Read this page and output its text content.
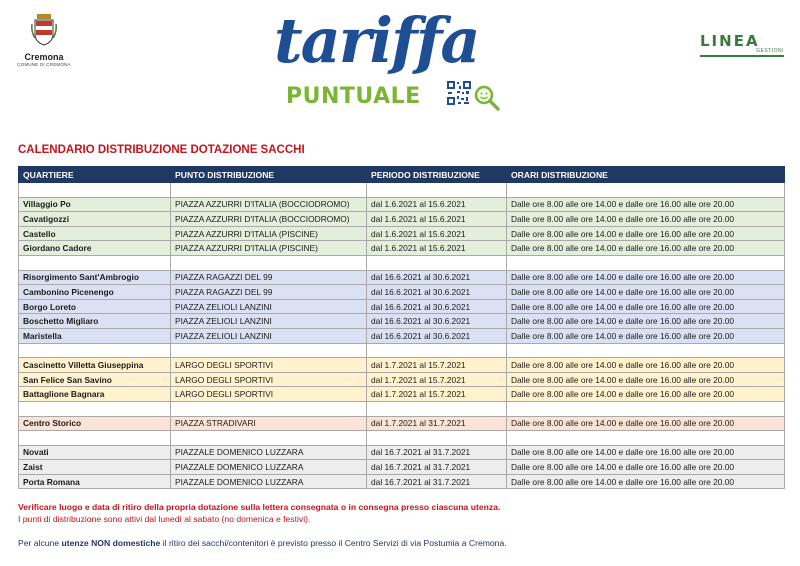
Cremona
COMUNE DI CREMONA	tariffa
PUNTUALE
LINEA
GESTIONI
CALENDARIO DISTRIBUZIONE DOTAZIONE SACCHI
QUARTIERE	PUNTO DISTRIBUZIONE	PERIODO DISTRIBUZIONE	ORARI DISTRIBUZIONE

Villaggio Po	PIAZZA AZZURRI D'ITALIA (BOCCIODROMO)	dal 1.6.2021 al 15.6.2021	Dalle ore 8.00 alle ore 14.00 e dalle ore 16.00 alle ore 20.00
Cavatigozzi	PIAZZA AZZURRI D'ITALIA (BOCCIODROMO)	dal 1.6.2021 al 15.6.2021	Dalle ore 8.00 alle ore 14.00 e dalle ore 16.00 alle ore 20.00
Castello	PIAZZA AZZURRI D'ITALIA (PISCINE)	dal 1.6.2021 al 15.6.2021	Dalle ore 8.00 alle ore 14.00 e dalle ore 16.00 alle ore 20.00
Giordano Cadore	PIAZZA AZZURRI D'ITALIA (PISCINE)	dal 1.6.2021 al 15.6.2021	Dalle ore 8.00 alle ore 14.00 e dalle ore 16.00 alle ore 20.00

Risorgimento Sant'Ambrogio	PIAZZA RAGAZZI DEL 99	dal 16.6.2021 al 30.6.2021	Dalle ore 8.00 alle ore 14.00 e dalle ore 16.00 alle ore 20.00
Cambonino Picenengo	PIAZZA RAGAZZI DEL 99	dal 16.6.2021 al 30.6.2021	Dalle ore 8.00 alle ore 14.00 e dalle ore 16.00 alle ore 20.00
Borgo Loreto	PIAZZA ZELIOLI LANZINI	dal 16.6.2021 al 30.6.2021	Dalle ore 8.00 alle ore 14.00 e dalle ore 16.00 alle ore 20.00
Boschetto Migliaro	PIAZZA ZELIOLI LANZINI	dal 16.6.2021 al 30.6.2021	Dalle ore 8.00 alle ore 14.00 e dalle ore 16.00 alle ore 20.00
Maristella	PIAZZA ZELIOLI LANZINI	dal 16.6.2021 al 30.6.2021	Dalle ore 8.00 alle ore 14.00 e dalle ore 16.00 alle ore 20.00

Cascinetto Villetta Giuseppina	LARGO DEGLI SPORTIVI	dal 1.7.2021 al 15.7.2021	Dalle ore 8.00 alle ore 14.00 e dalle ore 16.00 alle ore 20.00
San Felice San Savino	LARGO DEGLI SPORTIVI	dal 1.7.2021 al 15.7.2021	Dalle ore 8.00 alle ore 14.00 e dalle ore 16.00 alle ore 20.00
Battaglione Bagnara	LARGO DEGLI SPORTIVI	dal 1.7.2021 al 15.7.2021	Dalle ore 8.00 alle ore 14.00 e dalle ore 16.00 alle ore 20.00

Centro Storico	PIAZZA STRADIVARI	dal 1.7.2021 al 31.7.2021	Dalle ore 8.00 alle ore 14.00 e dalle ore 16.00 alle ore 20.00

Novati	PIAZZALE DOMENICO LUZZARA	dal 16.7.2021 al 31.7.2021	Dalle ore 8.00 alle ore 14.00 e dalle ore 16.00 alle ore 20.00
Zaist	PIAZZALE DOMENICO LUZZARA	dal 16.7.2021 al 31.7.2021	Dalle ore 8.00 alle ore 14.00 e dalle ore 16.00 alle ore 20.00
Porta Romana	PIAZZALE DOMENICO LUZZARA	dal 16.7.2021 al 31.7.2021	Dalle ore 8.00 alle ore 14.00 e dalle ore 16.00 alle ore 20.00
Verificare luogo e data di ritiro della propria dotazione sulla lettera consegnata o in consegna presso ciascuna utenza.
I punti di distribuzione sono attivi dal lunedì al sabato (no domenica e festivi).
Per alcune utenze NON domestiche il ritiro dei sacchi/contenitori è previsto presso il Centro Servizi di via Postumia a Cremona.
